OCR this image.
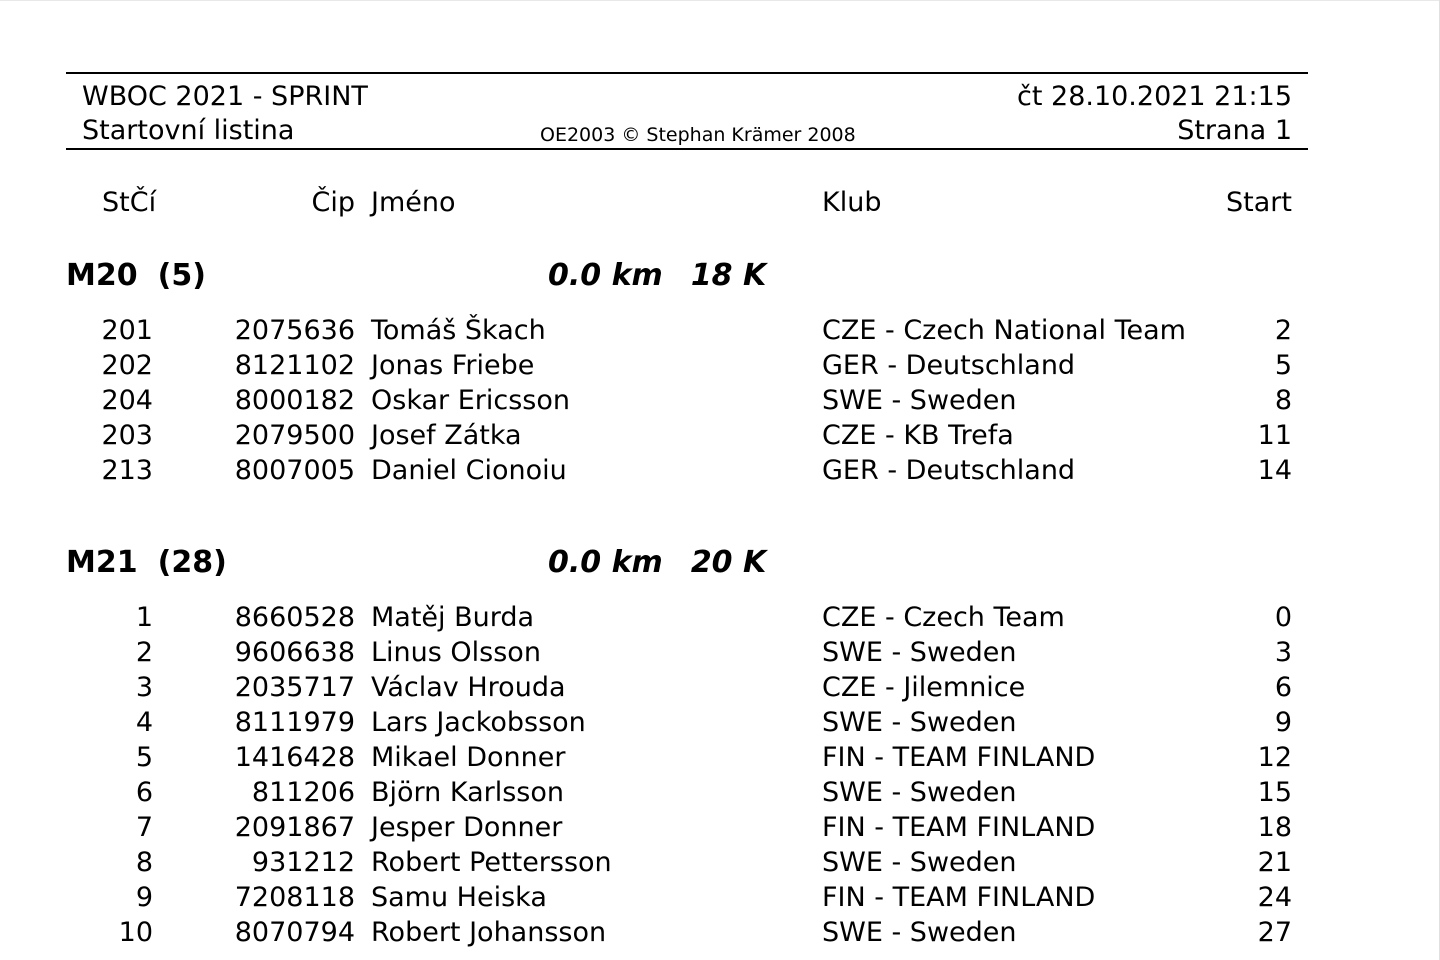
WBOC 2021 - SPRINT
Startovní listina	OE2003 © Stephan Krämer 2008
čt 28.10.2021 21:15
Strana 1
StČí	Čip Jméno	Klub	Start
M20 (5)	0.0 km 18 K
201	2075636 Tomáš Škach	CZE - Czech National Team	2
202	8121102 Jonas Friebe	GER - Deutschland	5
204	8000182 Oskar Ericsson	SWE - Sweden	8
203	2079500 Josef Zátka	CZE - KB Trefa	11
213	8007005 Daniel Cionoiu	GER - Deutschland	14
M21 (28)	0.0 km 20 K
1	8660528 Matěj Burda	CZE - Czech Team	0
2	9606638 Linus Olsson	SWE - Sweden	3
3	2035717 Václav Hrouda	CZE - Jilemnice	6
4	8111979 Lars Jackobsson	SWE - Sweden	9
5	1416428 Mikael Donner	FIN - TEAM FINLAND	12
6	811206 Björn Karlsson	SWE - Sweden	15
7	2091867 Jesper Donner	FIN - TEAM FINLAND	18
8	931212 Robert Pettersson	SWE - Sweden	21
9	7208118 Samu Heiska	FIN - TEAM FINLAND	24
10	8070794 Robert Johansson	SWE - Sweden	27
